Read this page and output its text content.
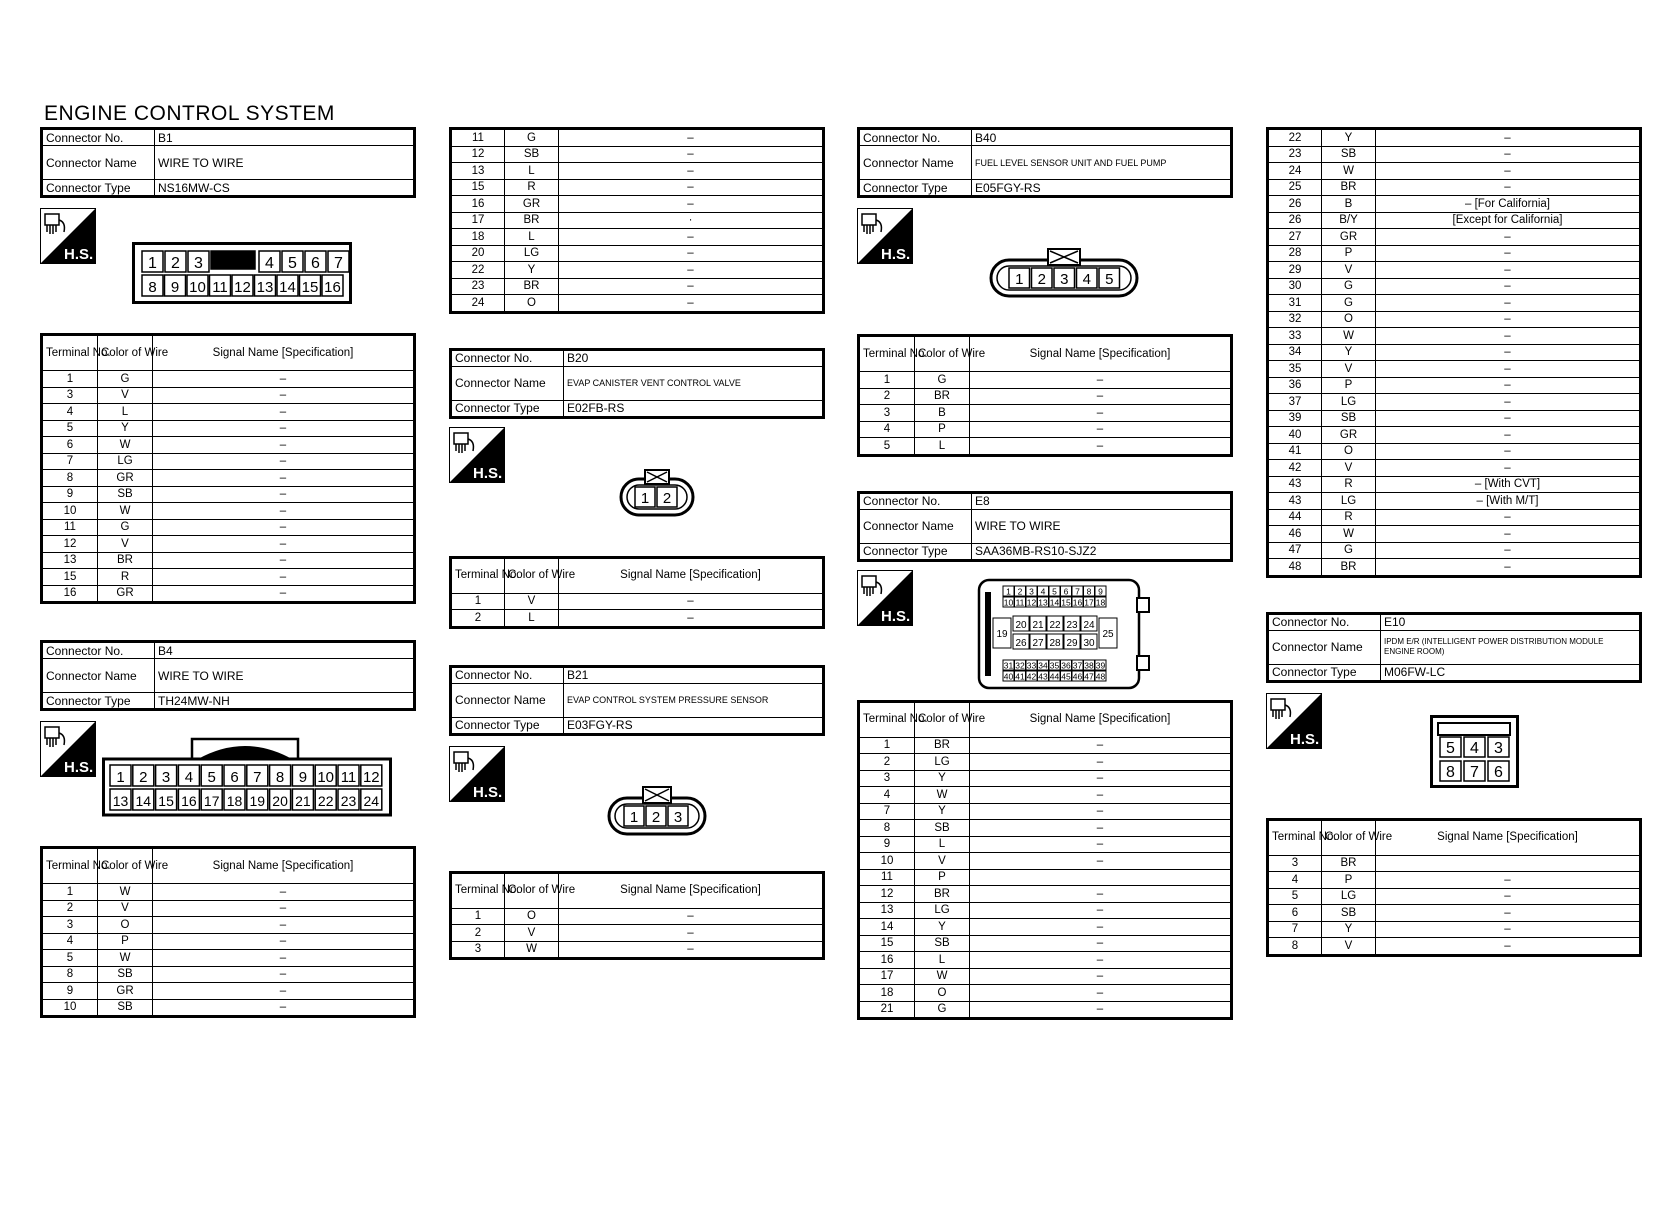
ENGINE CONTROL SYSTEM
Connector No.	B1
Connector Name	WIRE TO WIRE
Connector Type	NS16MW-CS
H.S.
1 2 3	4 5 6 7
8 9 10 11 12 13 14 15 16
Terminal No.	Color of Wire	Signal Name [Specification]
1	G	–
3	V	–
4	L	–
5	Y	–
6	W	–
7	LG	–
8	GR	–
9	SB	–
10	W	–
11	G	–
12	V	–
13	BR	–
15	R	–
16	GR	–
Connector No.	B4
Connector Name	WIRE TO WIRE
Connector Type	TH24MW-NH
H.S.
1 2 3 4 5 6 7 8 9 10 11 12
13 14 15 16 17 18 19 20 21 22 23 24
Terminal No.	Color of Wire	Signal Name [Specification]
1	W	–
2	V	–
3	O	–
4	P	–
5	W	–
8	SB	–
9	GR	–
10	SB	–
11	G	–
12	SB	–
13	L	–
15	R	–
16	GR	–
17	BR	·
18	L	–
20	LG	–
22	Y	–
23	BR	–
24	O	–
Connector No.	B20
Connector Name	EVAP CANISTER VENT CONTROL VALVE
Connector Type	E02FB-RS
H.S.
1 2
Terminal No.	Color of Wire	Signal Name [Specification]
1	V	–
2	L	–
Connector No.	B21
Connector Name	EVAP CONTROL SYSTEM PRESSURE SENSOR
Connector Type	E03FGY-RS
H.S.
1 2 3
Terminal No.	Color of Wire	Signal Name [Specification]
1	O	–
2	V	–
3	W	–
Connector No.	B40
Connector Name	FUEL LEVEL SENSOR UNIT AND FUEL PUMP
Connector Type	E05FGY-RS
H.S.
1 2 3 4 5
Terminal No.	Color of Wire	Signal Name [Specification]
1	G	–
2	BR	–
3	B	–
4	P	–
5	L	–
Connector No.	E8
Connector Name	WIRE TO WIRE
Connector Type	SAA36MB-RS10-SJZ2
H.S.
1 2 3 4 5 6 7 8 9
10 11 12 13 14 15 16 17 18
31 32 33 34 35 36 37 38 39
40 41 42 43 44 45 46 47 48
19
20 21 22 23 24
26 27 28 29 30
25
Terminal No.	Color of Wire	Signal Name [Specification]
1	BR	–
2	LG	–
3	Y	–
4	W	–
7	Y	–
8	SB	–
9	L	–
10	V	–
11	P	
12	BR	–
13	LG	–
14	Y	–
15	SB	–
16	L	–
17	W	–
18	O	–
21	G	–
22	Y	–
23	SB	–
24	W	–
25	BR	–
26	B	– [For California]
26	B/Y	[Except for California]
27	GR	–
28	P	–
29	V	–
30	G	–
31	G	–
32	O	–
33	W	–
34	Y	–
35	V	–
36	P	–
37	LG	–
39	SB	–
40	GR	–
41	O	–
42	V	–
43	R	– [With CVT]
43	LG	– [With M/T]
44	R	–
46	W	–
47	G	–
48	BR	–
Connector No.	E10
Connector Name	IPDM E/R (INTELLIGENT POWER DISTRIBUTION MODULE ENGINE ROOM)
Connector Type	M06FW-LC
H.S.
5 4 3
8 7 6
Terminal No.	Color of Wire	Signal Name [Specification]
3	BR	
4	P	–
5	LG	–
6	SB	–
7	Y	–
8	V	–
